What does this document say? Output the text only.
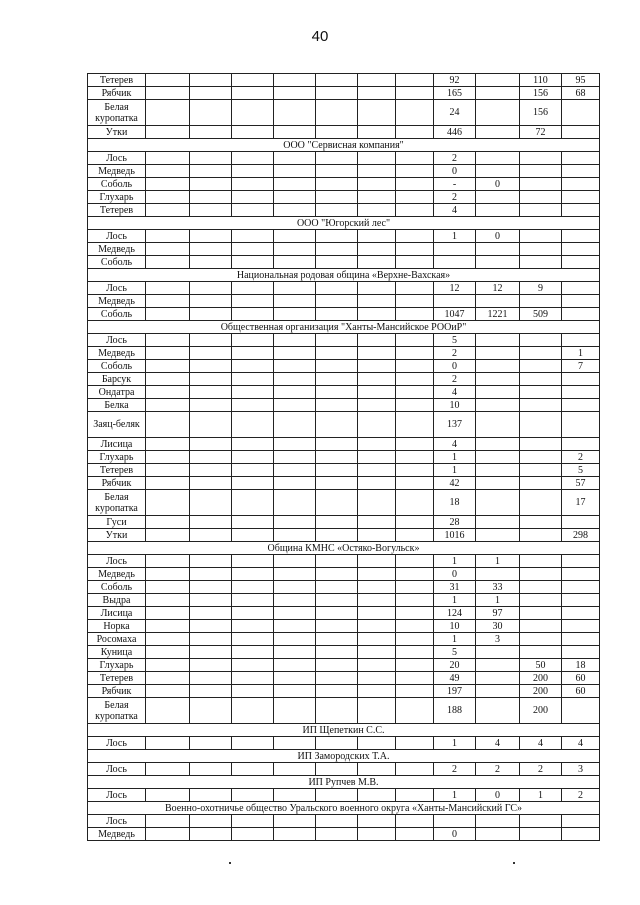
40
Тетерев								92		110	95
Рябчик								165		156	68
Белая куропатка								24		156	
Утки								446		72	
ООО "Сервисная компания"											
Лось								2			
Медведь								0			
Соболь								-	0		
Глухарь								2			
Тетерев								4			
ООО "Югорский лес"											
Лось								1	0		
Медведь											
Соболь											
Национальная родовая община «Верхне-Вахская»											
Лось								12	12	9	
Медведь											
Соболь								1047	1221	509	
Общественная организация "Ханты-Мансийское РООиР"											
Лось								5			
Медведь								2			1
Соболь								0			7
Барсук								2			
Ондатра								4			
Белка								10			
Заяц-беляк								137			
Лисица								4			
Глухарь								1			2
Тетерев								1			5
Рябчик								42			57
Белая куропатка								18			17
Гуси								28			
Утки								1016			298
Община КМНС «Остяко-Вогульск»											
Лось								1	1		
Медведь								0			
Соболь								31	33		
Выдра								1	1		
Лисица								124	97		
Норка								10	30		
Росомаха								1	3		
Куница								5			
Глухарь								20		50	18
Тетерев								49		200	60
Рябчик								197		200	60
Белая куропатка								188		200	
ИП Щепеткин С.С.											
Лось								1	4	4	4
ИП Замородских Т.А.											
Лось								2	2	2	3
ИП Рупчев М.В.											
Лось								1	0	1	2
Военно-охотничье общество Уральского военного округа «Ханты-Мансийский ГС»											
Лось											
Медведь								0			
